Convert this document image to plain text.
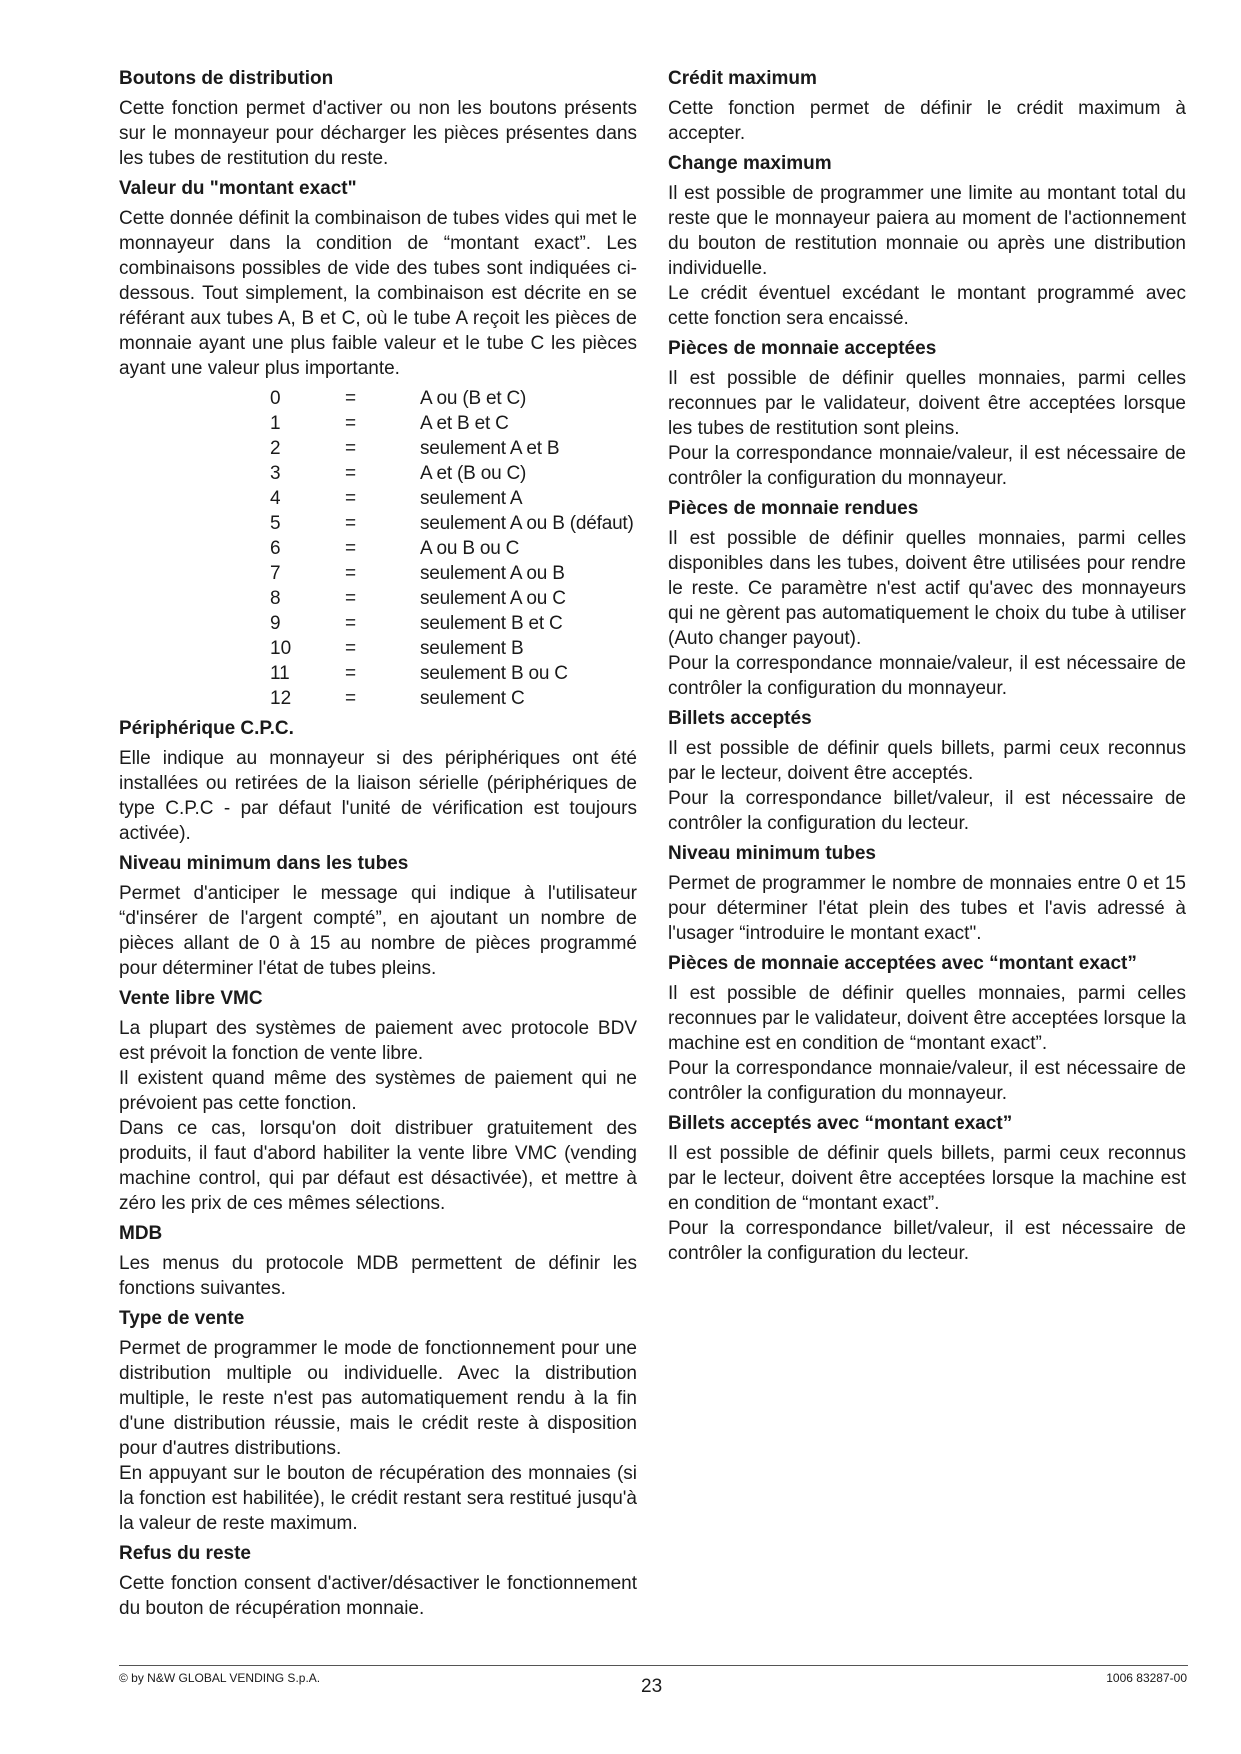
Boutons de distribution

Cette fonction permet d'activer ou non les boutons présents sur le monnayeur pour décharger les pièces présentes dans les tubes de restitution du reste.

Valeur du "montant exact"

Cette donnée définit la combinaison de tubes vides qui met le monnayeur dans la condition de “montant exact”. Les combinaisons possibles de vide des tubes sont indiquées ci-dessous. Tout simplement, la combinaison est décrite en se référant aux tubes A, B et C, où le tube A reçoit les pièces de monnaie ayant une plus faible valeur et le tube C les pièces ayant une valeur plus importante.

0	=	A ou (B et C)
1	=	A et B et C
2	=	seulement A et B
3	=	A et (B ou C)
4	=	seulement A
5	=	seulement A ou B (défaut)
6	=	A ou B ou C
7	=	seulement A ou B
8	=	seulement A ou C
9	=	seulement B et C
10	=	seulement B
11	=	seulement B ou C
12	=	seulement C
Périphérique C.P.C.

Elle indique au monnayeur si des périphériques ont été installées ou retirées de la liaison sérielle (périphériques de type C.P.C - par défaut l'unité de vérification est toujours activée).

Niveau minimum dans les tubes

Permet d'anticiper le message qui indique à l'utilisateur “d'insérer de l'argent compté”, en ajoutant un nombre de pièces allant de 0 à 15 au nombre de pièces programmé pour déterminer l'état de tubes pleins.

Vente libre VMC

La plupart des systèmes de paiement avec protocole BDV est prévoit la fonction de vente libre.

Il existent quand même des systèmes de paiement qui ne prévoient pas cette fonction.

Dans ce cas, lorsqu'on doit distribuer gratuitement des produits, il faut d'abord habiliter la vente libre VMC (vending machine control, qui par défaut est désactivée), et mettre à zéro les prix de ces mêmes sélections.

MDB

Les menus du protocole MDB permettent de définir les fonctions suivantes.

Type de vente

Permet de programmer le mode de fonctionnement pour une distribution multiple ou individuelle. Avec la distribution multiple, le reste n'est pas automatiquement rendu à la fin d'une distribution réussie, mais le crédit reste à disposition pour d'autres distributions.

En appuyant sur le bouton de récupération des monnaies (si la fonction est habilitée), le crédit restant sera restitué jusqu'à la valeur de reste maximum.

Refus du reste

Cette fonction consent d'activer/désactiver le fonctionnement du bouton de récupération monnaie.

Crédit maximum

Cette fonction permet de définir le crédit maximum à accepter.

Change maximum

Il est possible de programmer une limite au montant total du reste que le monnayeur paiera au moment de l'actionnement du bouton de restitution monnaie ou après une distribution individuelle.

Le crédit éventuel excédant le montant programmé avec cette fonction sera encaissé.

Pièces de monnaie acceptées

Il est possible de définir quelles monnaies, parmi celles reconnues par le validateur, doivent être acceptées lorsque les tubes de restitution sont pleins.

Pour la correspondance monnaie/valeur, il est nécessaire de contrôler la configuration du monnayeur.

Pièces de monnaie rendues

Il est possible de définir quelles monnaies, parmi celles disponibles dans les tubes, doivent être utilisées pour rendre le reste. Ce paramètre n'est actif qu'avec des monnayeurs qui ne gèrent pas automatiquement le choix du tube à utiliser (Auto changer payout).

Pour la correspondance monnaie/valeur, il est nécessaire de contrôler la configuration du monnayeur.

Billets acceptés

Il est possible de définir quels billets, parmi ceux reconnus par le lecteur, doivent être acceptés.

Pour la correspondance billet/valeur, il est nécessaire de contrôler la configuration du lecteur.

Niveau minimum tubes

Permet de programmer le nombre de monnaies entre 0 et 15 pour déterminer l'état plein des tubes et l'avis adressé à l'usager “introduire le montant exact".

Pièces de monnaie acceptées avec “montant exact”

Il est possible de définir quelles monnaies, parmi celles reconnues par le validateur, doivent être acceptées lorsque la machine est en condition de “montant exact”.

Pour la correspondance monnaie/valeur, il est nécessaire de contrôler la configuration du monnayeur.

Billets acceptés avec “montant exact”

Il est possible de définir quels billets, parmi ceux reconnus par le lecteur, doivent être acceptées lorsque la machine est en condition de “montant exact”.

Pour la correspondance billet/valeur, il est nécessaire de contrôler la configuration du lecteur.

© by N&W GLOBAL VENDING S.p.A.	23	1006 83287-00
